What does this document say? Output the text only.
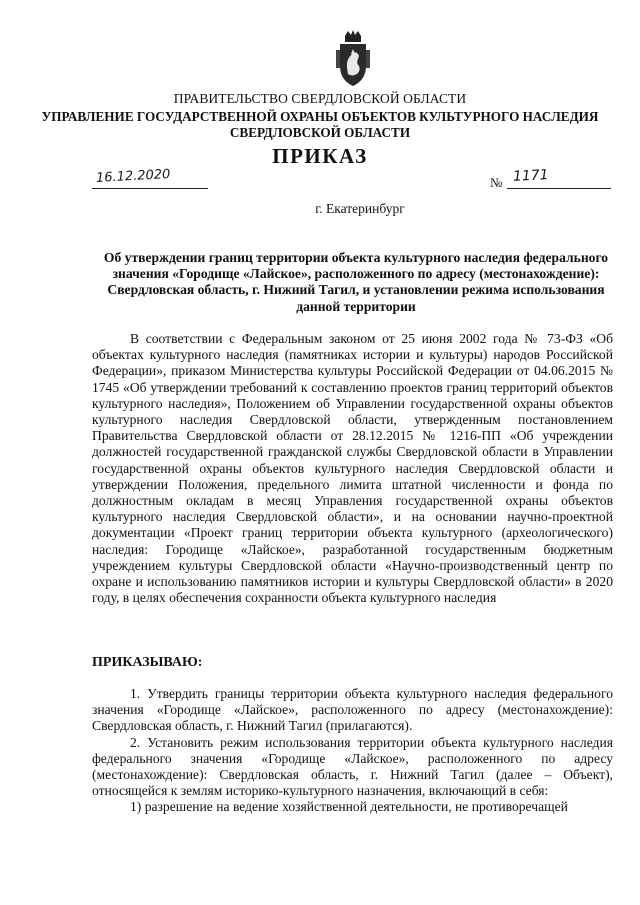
ПРАВИТЕЛЬСТВО СВЕРДЛОВСКОЙ ОБЛАСТИ
УПРАВЛЕНИЕ ГОСУДАРСТВЕННОЙ ОХРАНЫ ОБЪЕКТОВ КУЛЬТУРНОГО НАСЛЕДИЯ
СВЕРДЛОВСКОЙ ОБЛАСТИ
ПРИКАЗ
16.12.2020	№ 1171
г. Екатеринбург
Об утверждении границ территории объекта культурного наследия федерального значения «Городище «Лайское», расположенного по адресу (местонахождение): Свердловская область, г. Нижний Тагил, и установлении режима использования данной территории

В соответствии с Федеральным законом от 25 июня 2002 года № 73-ФЗ «Об объектах культурного наследия (памятниках истории и культуры) народов Российской Федерации», приказом Министерства культуры Российской Федерации от 04.06.2015 № 1745 «Об утверждении требований к составлению проектов границ территорий объектов культурного наследия», Положением об Управлении государственной охраны объектов культурного наследия Свердловской области, утвержденным постановлением Правительства Свердловской области от 28.12.2015 № 1216-ПП «Об учреждении должностей государственной гражданской службы Свердловской области в Управлении государственной охраны объектов культурного наследия Свердловской области и утверждении Положения, предельного лимита штатной численности и фонда по должностным окладам в месяц Управления государственной охраны объектов культурного наследия Свердловской области», и на основании научно-проектной документации «Проект границ территории объекта культурного (археологического) наследия: Городище «Лайское», разработанной государственным бюджетным учреждением культуры Свердловской области «Научно-производственный центр по охране и использованию памятников истории и культуры Свердловской области» в 2020 году, в целях обеспечения сохранности объекта культурного наследия

ПРИКАЗЫВАЮ:

1. Утвердить границы территории объекта культурного наследия федерального значения «Городище «Лайское», расположенного по адресу (местонахождение): Свердловская область, г. Нижний Тагил (прилагаются).

2. Установить режим использования территории объекта культурного наследия федерального значения «Городище «Лайское», расположенного по адресу (местонахождение): Свердловская область, г. Нижний Тагил (далее – Объект), относящейся к землям историко-культурного назначения, включающий в себя:

1) разрешение на ведение хозяйственной деятельности, не противоречащей
